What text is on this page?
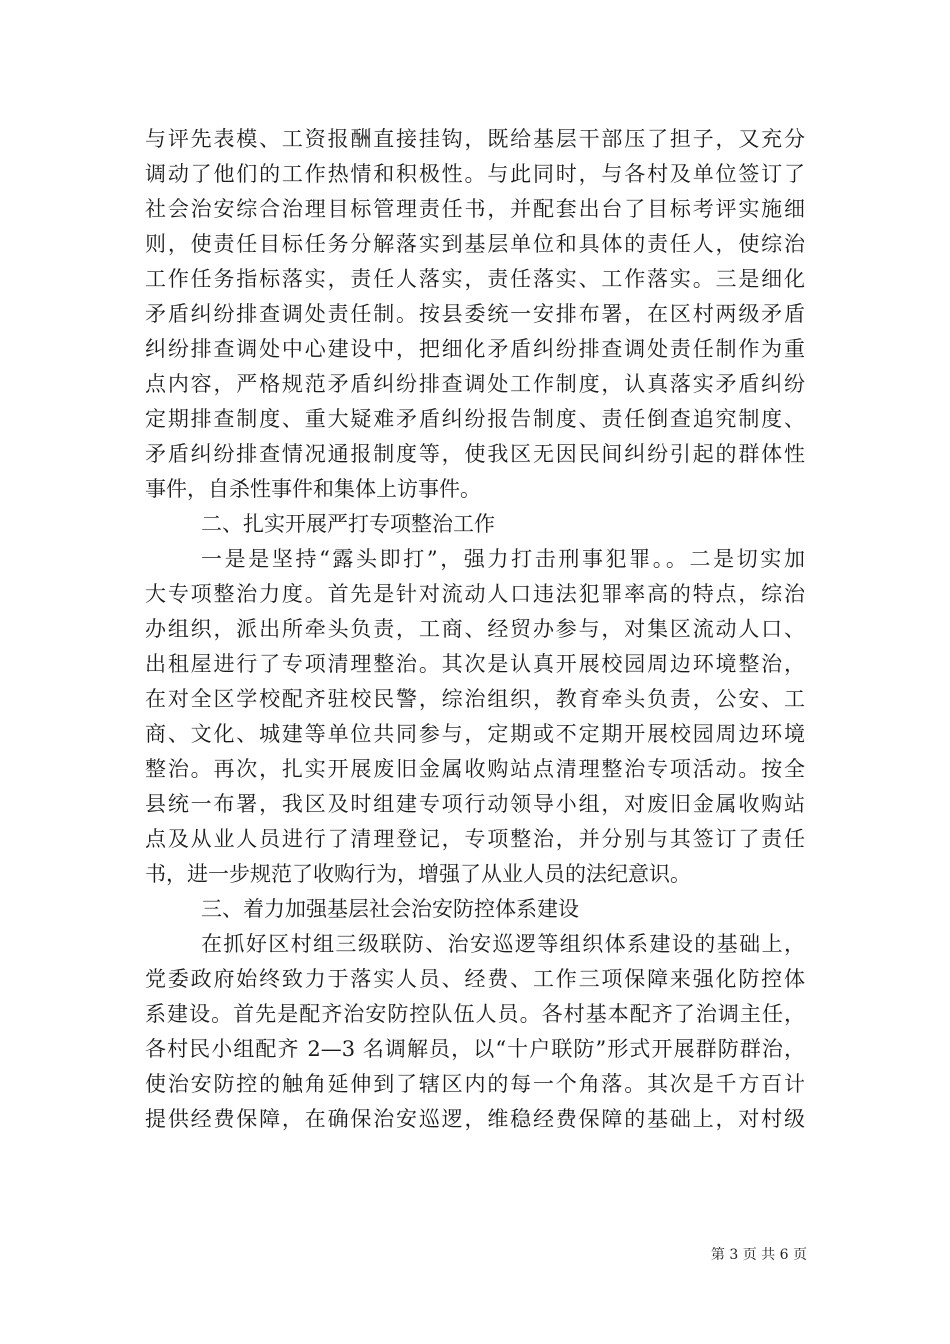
与评先表模、工资报酬直接挂钩，既给基层干部压了担子，又充分
调动了他们的工作热情和积极性。与此同时，与各村及单位签订了
社会治安综合治理目标管理责任书，并配套出台了目标考评实施细
则，使责任目标任务分解落实到基层单位和具体的责任人，使综治
工作任务指标落实，责任人落实，责任落实、工作落实。三是细化
矛盾纠纷排查调处责任制。按县委统一安排布署，在区村两级矛盾
纠纷排查调处中心建设中，把细化矛盾纠纷排查调处责任制作为重
点内容，严格规范矛盾纠纷排查调处工作制度，认真落实矛盾纠纷
定期排查制度、重大疑难矛盾纠纷报告制度、责任倒查追究制度、
矛盾纠纷排查情况通报制度等，使我区无因民间纠纷引起的群体性
事件，自杀性事件和集体上访事件。
二、扎实开展严打专项整治工作
一是是坚持“露头即打”，强力打击刑事犯罪。。二是切实加
大专项整治力度。首先是针对流动人口违法犯罪率高的特点，综治
办组织，派出所牵头负责，工商、经贸办参与，对集区流动人口、
出租屋进行了专项清理整治。其次是认真开展校园周边环境整治，
在对全区学校配齐驻校民警，综治组织，教育牵头负责，公安、工
商、文化、城建等单位共同参与，定期或不定期开展校园周边环境
整治。再次，扎实开展废旧金属收购站点清理整治专项活动。按全
县统一布署，我区及时组建专项行动领导小组，对废旧金属收购站
点及从业人员进行了清理登记，专项整治，并分别与其签订了责任
书，进一步规范了收购行为，增强了从业人员的法纪意识。
三、着力加强基层社会治安防控体系建设
在抓好区村组三级联防、治安巡逻等组织体系建设的基础上，
党委政府始终致力于落实人员、经费、工作三项保障来强化防控体
系建设。首先是配齐治安防控队伍人员。各村基本配齐了治调主任，
各村民小组配齐 2—3 名调解员，以“十户联防”形式开展群防群治，
使治安防控的触角延伸到了辖区内的每一个角落。其次是千方百计
提供经费保障，在确保治安巡逻，维稳经费保障的基础上，对村级
第 3 页 共 6 页
